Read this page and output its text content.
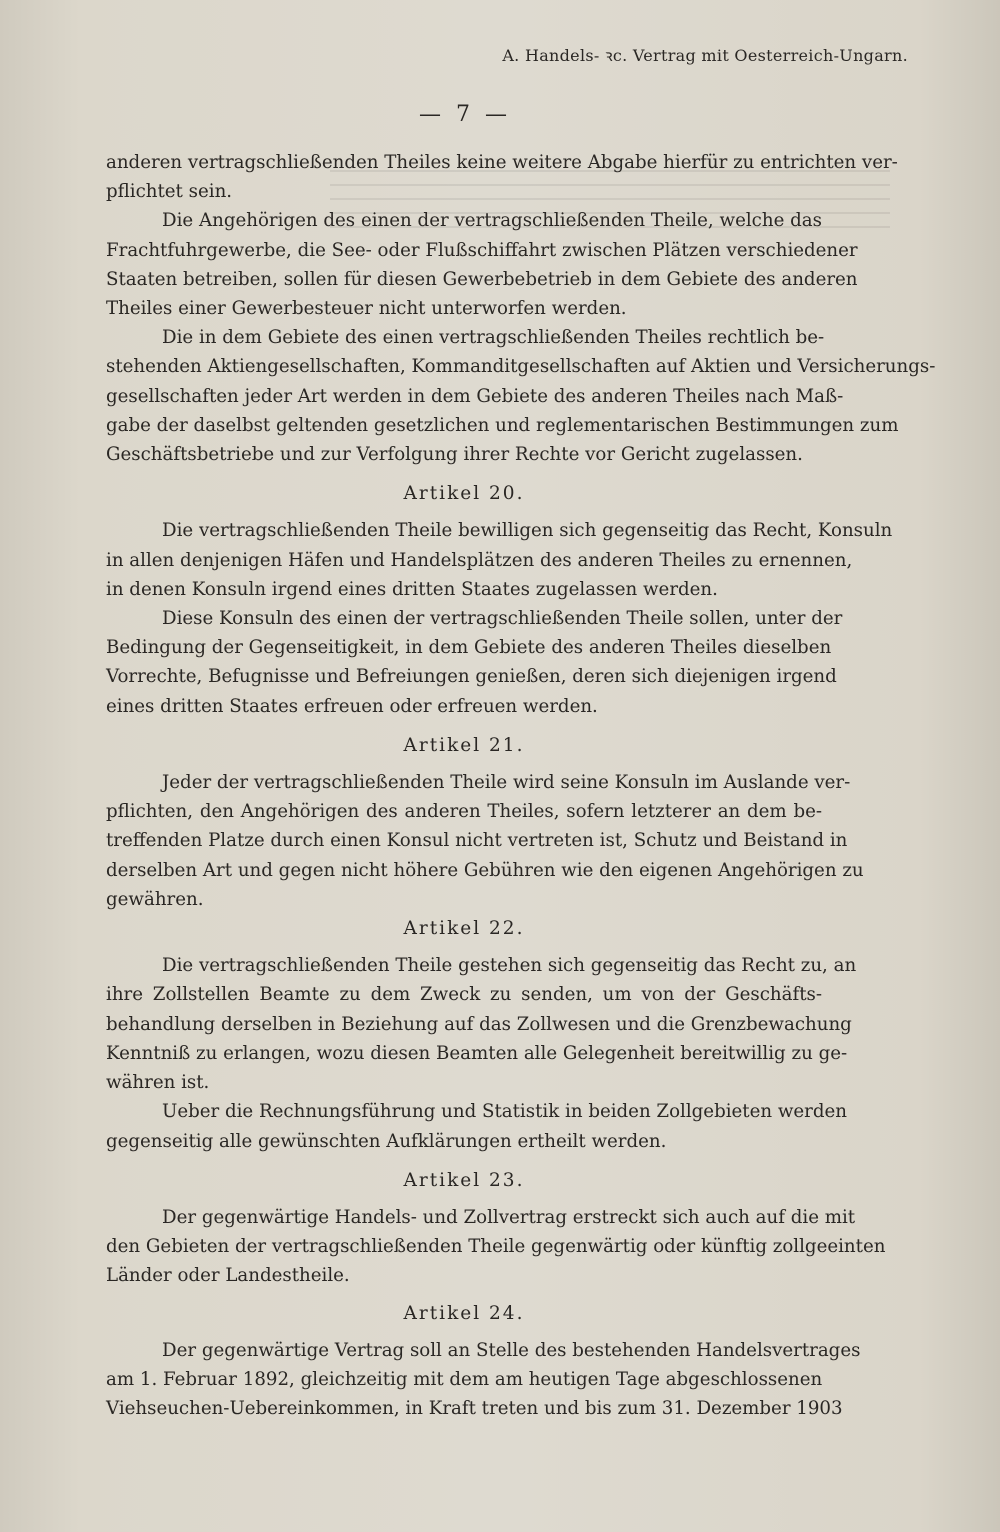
A. Handels- ꝛc. Vertrag mit Oesterreich-Ungarn.
— 7 —
anderen vertragschließenden Theiles keine weitere Abgabe hierfür zu entrichten ver-
pflichtet sein.
Die Angehörigen des einen der vertragschließenden Theile, welche das
Frachtfuhrgewerbe, die See- oder Flußschiffahrt zwischen Plätzen verschiedener
Staaten betreiben, sollen für diesen Gewerbebetrieb in dem Gebiete des anderen
Theiles einer Gewerbesteuer nicht unterworfen werden.
Die in dem Gebiete des einen vertragschließenden Theiles rechtlich be-
stehenden Aktiengesellschaften, Kommanditgesellschaften auf Aktien und Versicherungs-
gesellschaften jeder Art werden in dem Gebiete des anderen Theiles nach Maß-
gabe der daselbst geltenden gesetzlichen und reglementarischen Bestimmungen zum
Geschäftsbetriebe und zur Verfolgung ihrer Rechte vor Gericht zugelassen.

Artikel 20.

Die vertragschließenden Theile bewilligen sich gegenseitig das Recht, Konsuln
in allen denjenigen Häfen und Handelsplätzen des anderen Theiles zu ernennen,
in denen Konsuln irgend eines dritten Staates zugelassen werden.
Diese Konsuln des einen der vertragschließenden Theile sollen, unter der
Bedingung der Gegenseitigkeit, in dem Gebiete des anderen Theiles dieselben
Vorrechte, Befugnisse und Befreiungen genießen, deren sich diejenigen irgend
eines dritten Staates erfreuen oder erfreuen werden.

Artikel 21.

Jeder der vertragschließenden Theile wird seine Konsuln im Auslande ver-
pflichten, den Angehörigen des anderen Theiles, sofern letzterer an dem be-
treffenden Platze durch einen Konsul nicht vertreten ist, Schutz und Beistand in
derselben Art und gegen nicht höhere Gebühren wie den eigenen Angehörigen zu
gewähren.

Artikel 22.

Die vertragschließenden Theile gestehen sich gegenseitig das Recht zu, an
ihre Zollstellen Beamte zu dem Zweck zu senden, um von der Geschäfts-
behandlung derselben in Beziehung auf das Zollwesen und die Grenzbewachung
Kenntniß zu erlangen, wozu diesen Beamten alle Gelegenheit bereitwillig zu ge-
währen ist.
Ueber die Rechnungsführung und Statistik in beiden Zollgebieten werden
gegenseitig alle gewünschten Aufklärungen ertheilt werden.

Artikel 23.

Der gegenwärtige Handels- und Zollvertrag erstreckt sich auch auf die mit
den Gebieten der vertragschließenden Theile gegenwärtig oder künftig zollgeeinten
Länder oder Landestheile.

Artikel 24.

Der gegenwärtige Vertrag soll an Stelle des bestehenden Handelsvertrages
am 1. Februar 1892, gleichzeitig mit dem am heutigen Tage abgeschlossenen
Viehseuchen-Uebereinkommen, in Kraft treten und bis zum 31. Dezember 1903
